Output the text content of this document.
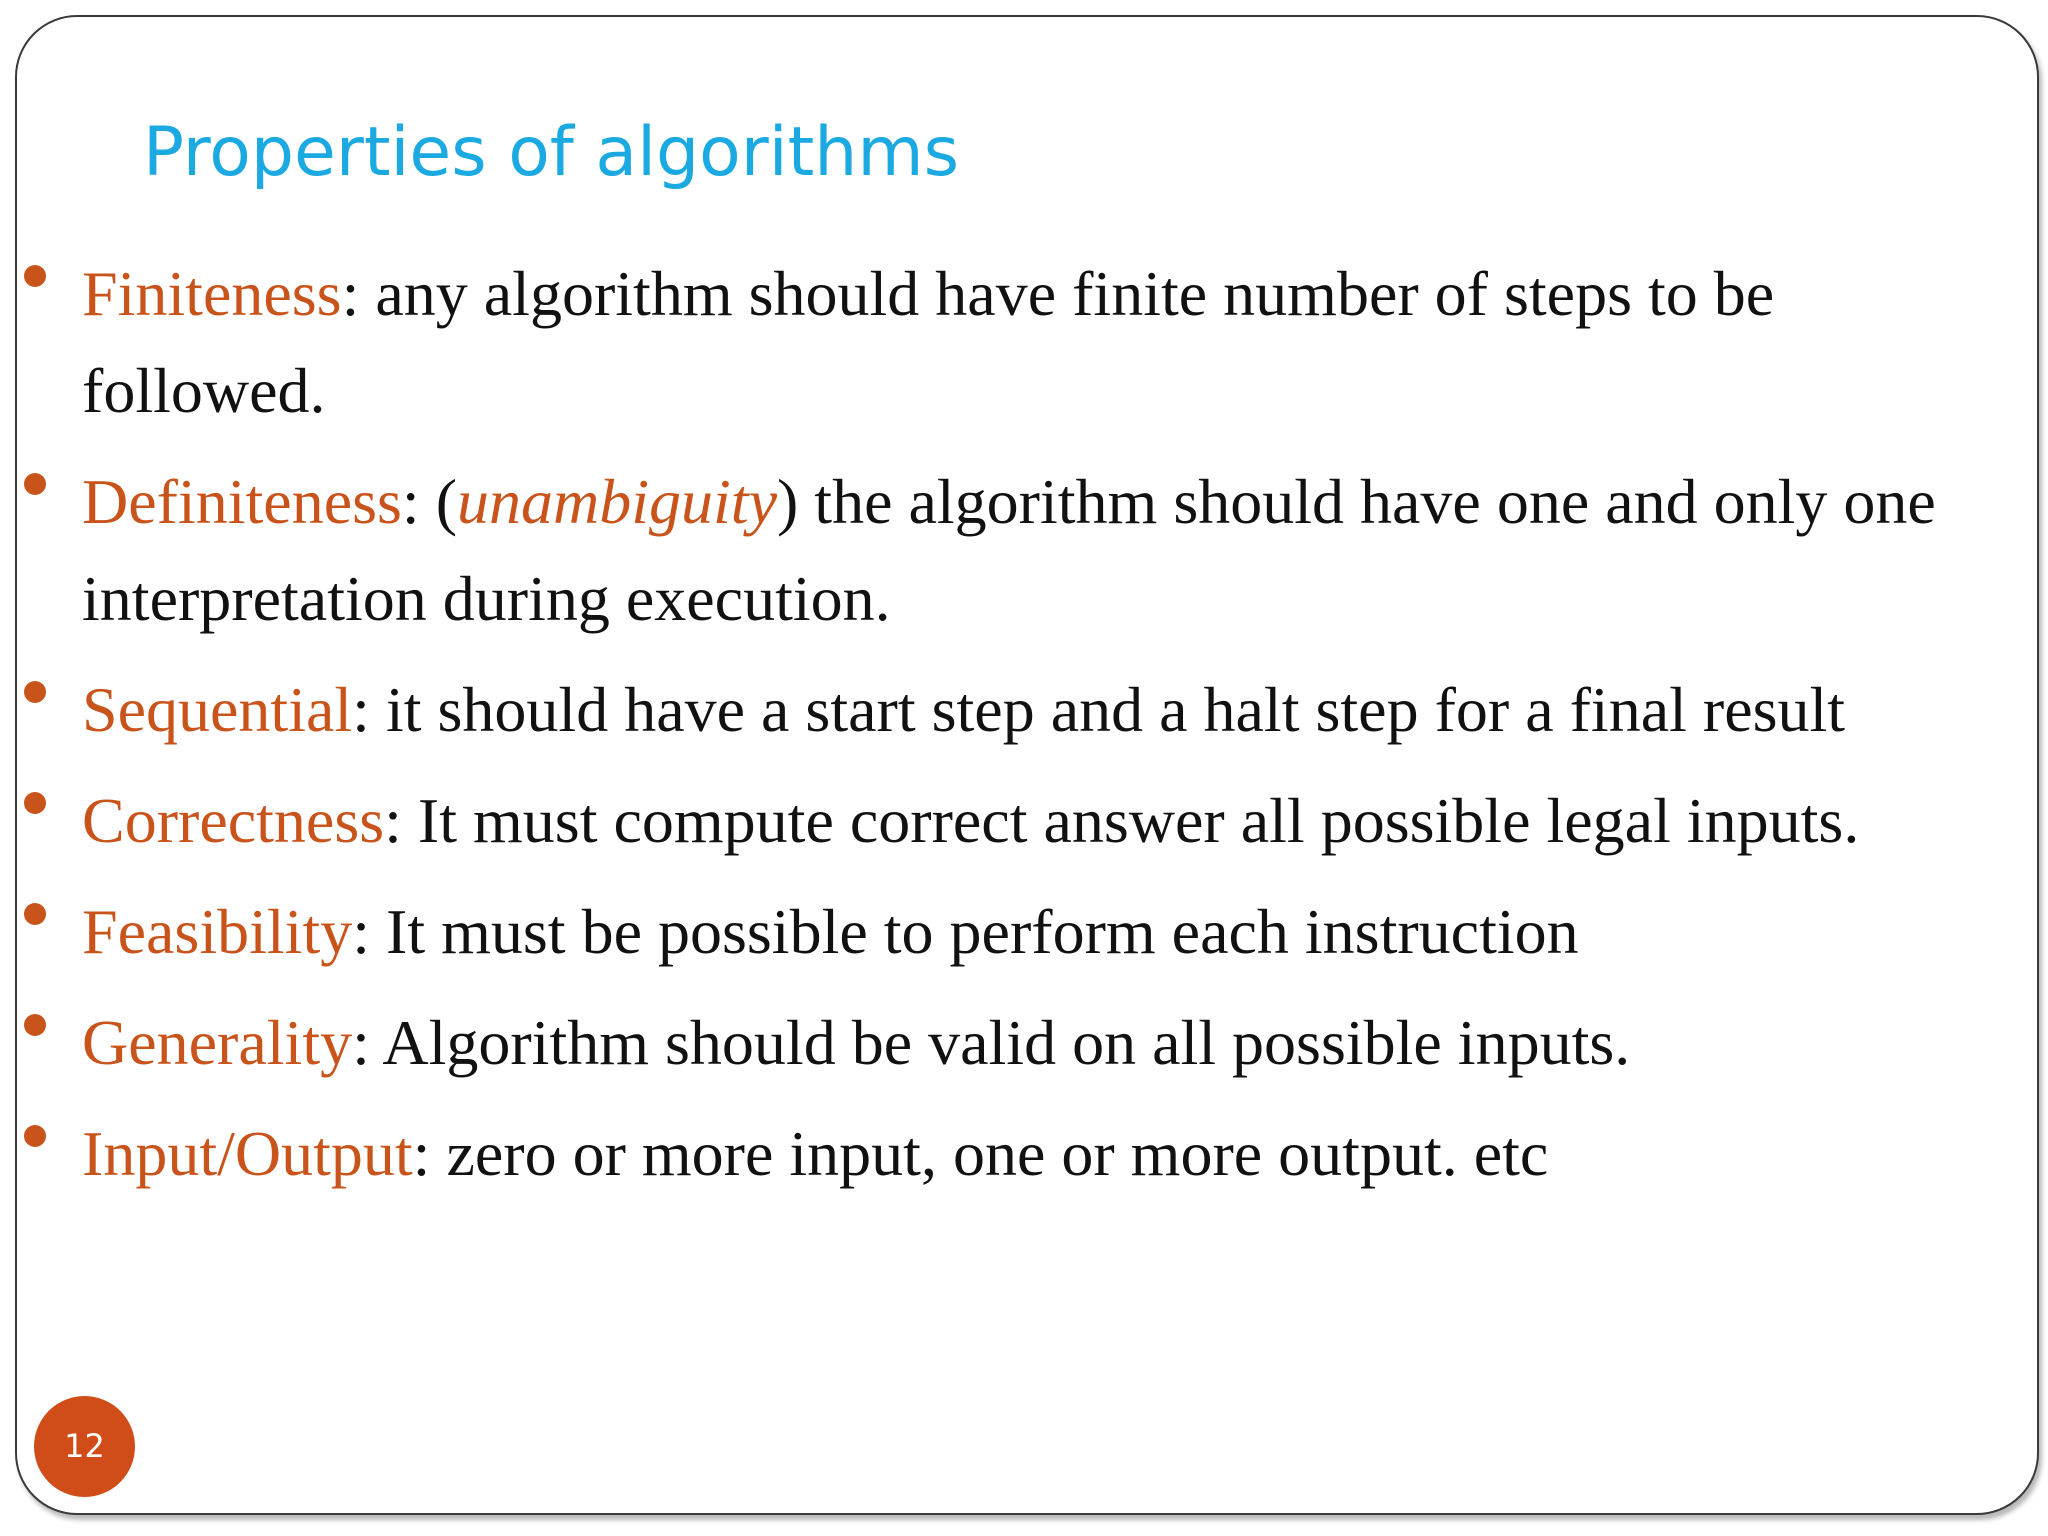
Properties of algorithms
Finiteness: any algorithm should have finite number of steps to be followed.
Definiteness: (unambiguity) the algorithm should have one and only one interpretation during execution.
Sequential: it should have a start step and a halt step for a final result
Correctness: It must compute correct answer all possible legal inputs.
Feasibility: It must be possible to perform each instruction
Generality: Algorithm should be valid on all possible inputs.
Input/Output: zero or more input, one or more output. etc
12
